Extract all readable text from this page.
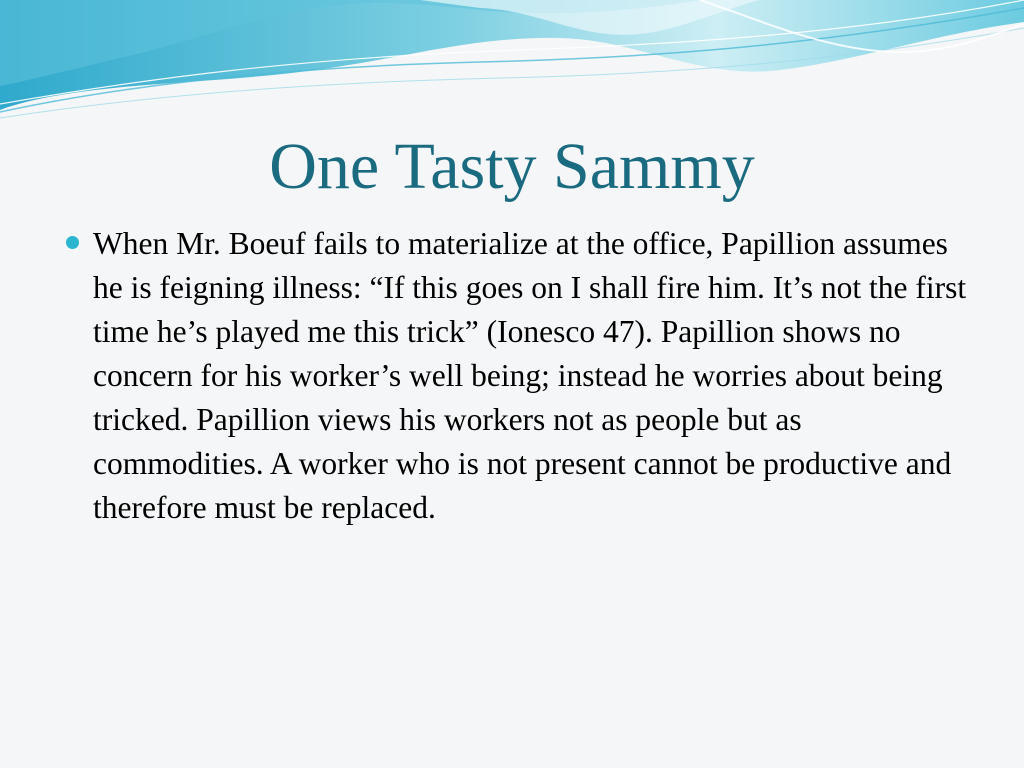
One Tasty Sammy

When Mr. Boeuf fails to materialize at the office, Papillion assumes he is feigning illness: “If this goes on I shall fire him. It’s not the first time he’s played me this trick” (Ionesco 47). Papillion shows no concern for his worker’s well being; instead he worries about being tricked. Papillion views his workers not as people but as commodities. A worker who is not present cannot be productive and therefore must be replaced.
